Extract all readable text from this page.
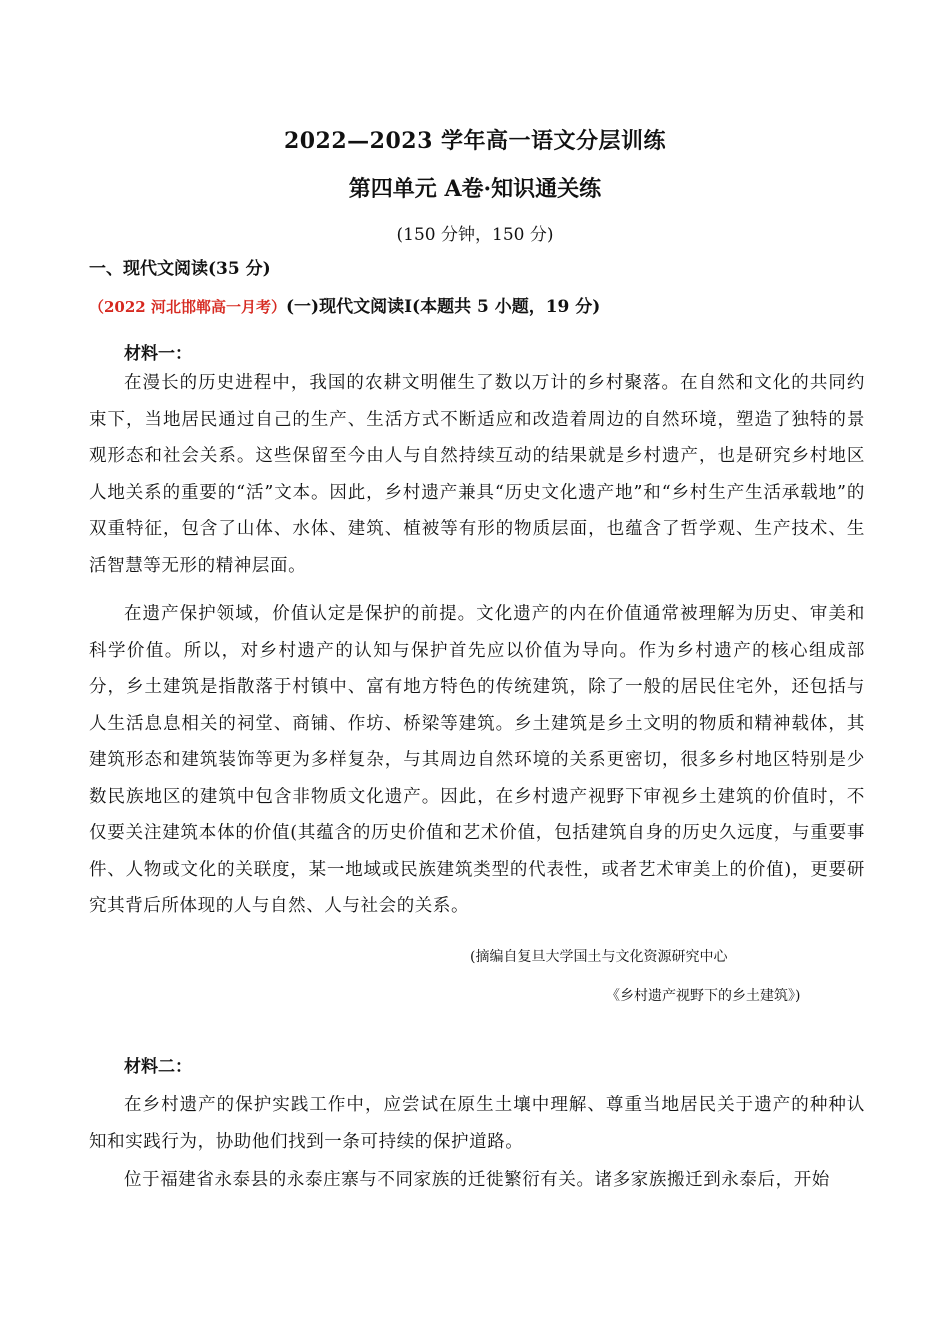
2022—2023 学年高一语文分层训练
第四单元 A卷·知识通关练
(150 分钟，150 分)
一、现代文阅读(35 分)
（2022 河北邯郸高一月考）(一)现代文阅读Ⅰ(本题共 5 小题，19 分)
材料一：

在漫长的历史进程中，我国的农耕文明催生了数以万计的乡村聚落。在自然和文化的共同约束下，当地居民通过自己的生产、生活方式不断适应和改造着周边的自然环境，塑造了独特的景观形态和社会关系。这些保留至今由人与自然持续互动的结果就是乡村遗产，也是研究乡村地区人地关系的重要的“活”文本。因此，乡村遗产兼具“历史文化遗产地”和“乡村生产生活承载地”的双重特征，包含了山体、水体、建筑、植被等有形的物质层面，也蕴含了哲学观、生产技术、生活智慧等无形的精神层面。

在遗产保护领域，价值认定是保护的前提。文化遗产的内在价值通常被理解为历史、审美和科学价值。所以，对乡村遗产的认知与保护首先应以价值为导向。作为乡村遗产的核心组成部分，乡土建筑是指散落于村镇中、富有地方特色的传统建筑，除了一般的居民住宅外，还包括与人生活息息相关的祠堂、商铺、作坊、桥梁等建筑。乡土建筑是乡土文明的物质和精神载体，其建筑形态和建筑装饰等更为多样复杂，与其周边自然环境的关系更密切，很多乡村地区特别是少数民族地区的建筑中包含非物质文化遗产。因此，在乡村遗产视野下审视乡土建筑的价值时，不仅要关注建筑本体的价值(其蕴含的历史价值和艺术价值，包括建筑自身的历史久远度，与重要事件、人物或文化的关联度，某一地域或民族建筑类型的代表性，或者艺术审美上的价值)，更要研究其背后所体现的人与自然、人与社会的关系。

(摘编自复旦大学国土与文化资源研究中心
《乡村遗产视野下的乡土建筑》)
材料二：

在乡村遗产的保护实践工作中，应尝试在原生土壤中理解、尊重当地居民关于遗产的种种认知和实践行为，协助他们找到一条可持续的保护道路。

位于福建省永泰县的永泰庄寨与不同家族的迁徙繁衍有关。诸多家族搬迁到永泰后，开始
